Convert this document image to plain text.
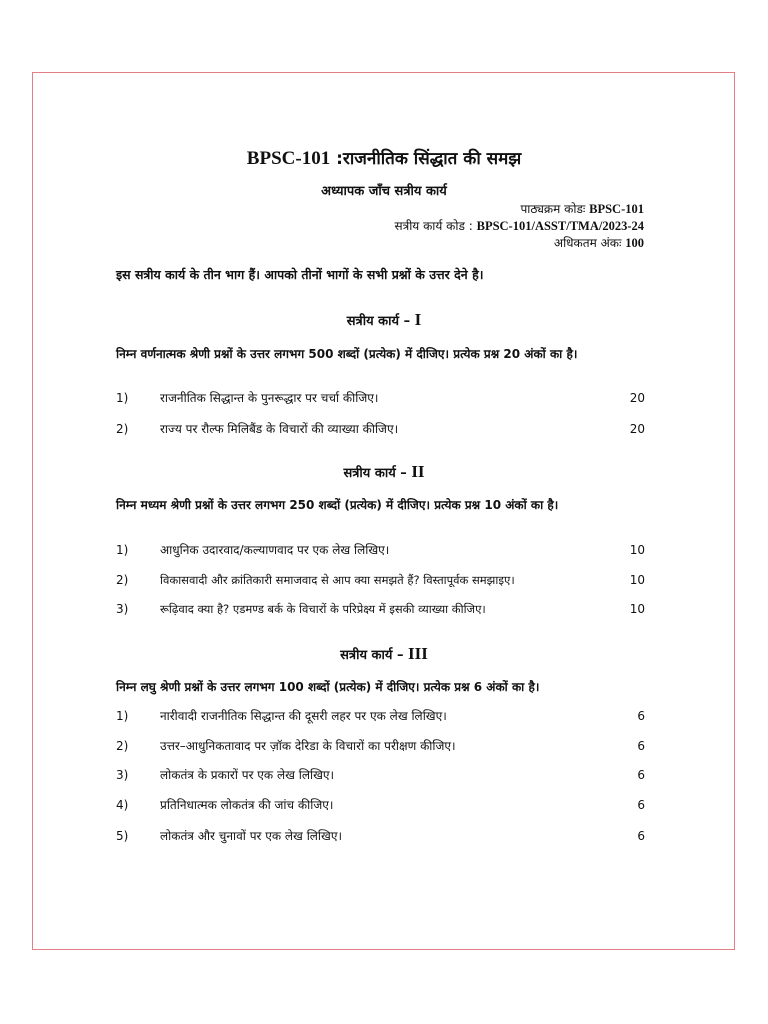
BPSC-101 :राजनीतिक सिंद्धात की समझ
अध्यापक जाँच सत्रीय कार्य
पाठ्यक्रम कोडः BPSC-101
सत्रीय कार्य कोड : BPSC-101/ASST/TMA/2023-24
अधिकतम अंकः 100
इस सत्रीय कार्य के तीन भाग हैं। आपको तीनों भागों के सभी प्रश्नों के उत्तर देने है।
सत्रीय कार्य – I
निम्न वर्णनात्मक श्रेणी प्रश्नों के उत्तर लगभग 500 शब्दों (प्रत्येक) में दीजिए। प्रत्येक प्रश्न 20 अंकों का है।
1)	राजनीतिक सिद्धान्त के पुनरूद्धार पर चर्चा कीजिए।	20
2)	राज्य पर रौल्फ मिलिबैंड के विचारों की व्याख्या कीजिए।	20
सत्रीय कार्य – II
निम्न मध्यम श्रेणी प्रश्नों के उत्तर लगभग 250 शब्दों (प्रत्येक) में दीजिए। प्रत्येक प्रश्न 10 अंकों का है।
1)	आधुनिक उदारवाद/कल्याणवाद पर एक लेख लिखिए।	10
2)	विकासवादी और क्रांतिकारी समाजवाद से आप क्या समझते हैं? विस्तापूर्वक समझाइए।	10
3)	रूढ़िवाद क्या है? एडमण्ड बर्क के विचारों के परिप्रेक्ष्य में इसकी व्याख्या कीजिए।	10
सत्रीय कार्य – III
निम्न लघु श्रेणी प्रश्नों के उत्तर लगभग 100 शब्दों (प्रत्येक) में दीजिए। प्रत्येक प्रश्न 6 अंकों का है।
1)	नारीवादी राजनीतिक सिद्धान्त की दूसरी लहर पर एक लेख लिखिए।	6
2)	उत्तर–आधुनिकतावाद पर ज़ॉक देरिडा के विचारों का परीक्षण कीजिए।	6
3)	लोकतंत्र के प्रकारों पर एक लेख लिखिए।	6
4)	प्रतिनिधात्मक लोकतंत्र की जांच कीजिए।	6
5)	लोकतंत्र और चुनावों पर एक लेख लिखिए।	6
